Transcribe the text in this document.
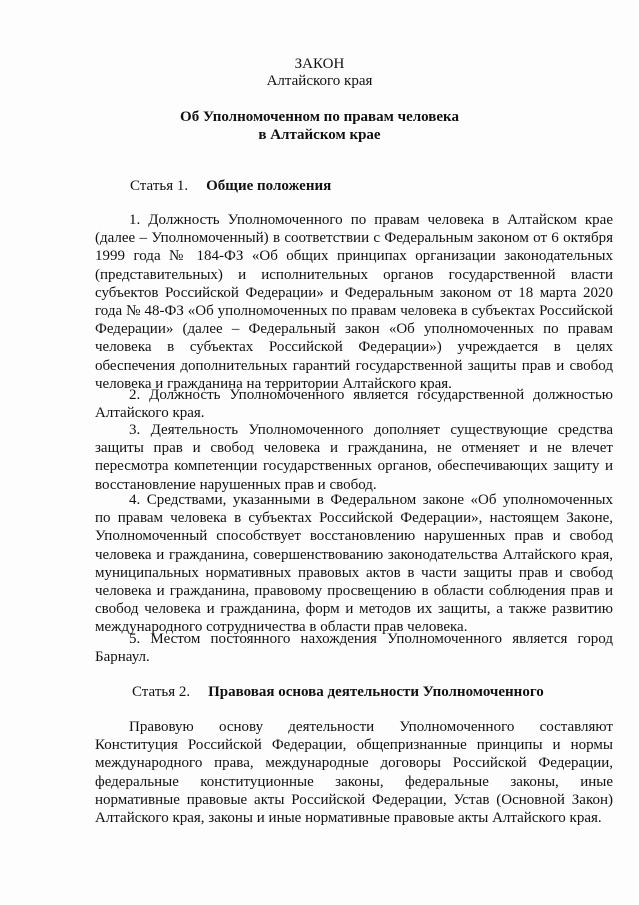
ЗАКОН
Алтайского края
Об Уполномоченном по правам человека
в Алтайском крае
Статья 1. Общие положения

1. Должность Уполномоченного по правам человека в Алтайском крае (далее – Уполномоченный) в соответствии с Федеральным законом от 6 октября 1999 года № 184-ФЗ «Об общих принципах организации законодательных (представительных) и исполнительных органов государственной власти субъектов Российской Федерации» и Федеральным законом от 18 марта 2020 года № 48-ФЗ «Об уполномоченных по правам человека в субъектах Российской Федерации» (далее – Федеральный закон «Об уполномоченных по правам человека в субъектах Российской Федерации») учреждается в целях обеспечения дополнительных гарантий государственной защиты прав и свобод человека и гражданина на территории Алтайского края.

2. Должность Уполномоченного является государственной должностью Алтайского края.

3. Деятельность Уполномоченного дополняет существующие средства защиты прав и свобод человека и гражданина, не отменяет и не влечет пересмотра компетенции государственных органов, обеспечивающих защиту и восстановление нарушенных прав и свобод.

4. Средствами, указанными в Федеральном законе «Об уполномоченных по правам человека в субъектах Российской Федерации», настоящем Законе, Уполномоченный способствует восстановлению нарушенных прав и свобод человека и гражданина, совершенствованию законодательства Алтайского края, муниципальных нормативных правовых актов в части защиты прав и свобод человека и гражданина, правовому просвещению в области соблюдения прав и свобод человека и гражданина, форм и методов их защиты, а также развитию международного сотрудничества в области прав человека.

5. Местом постоянного нахождения Уполномоченного является город Барнаул.

Статья 2. Правовая основа деятельности Уполномоченного

Правовую основу деятельности Уполномоченного составляют Конституция Российской Федерации, общепризнанные принципы и нормы международного права, международные договоры Российской Федерации, федеральные конституционные законы, федеральные законы, иные нормативные правовые акты Российской Федерации, Устав (Основной Закон) Алтайского края, законы и иные нормативные правовые акты Алтайского края.
